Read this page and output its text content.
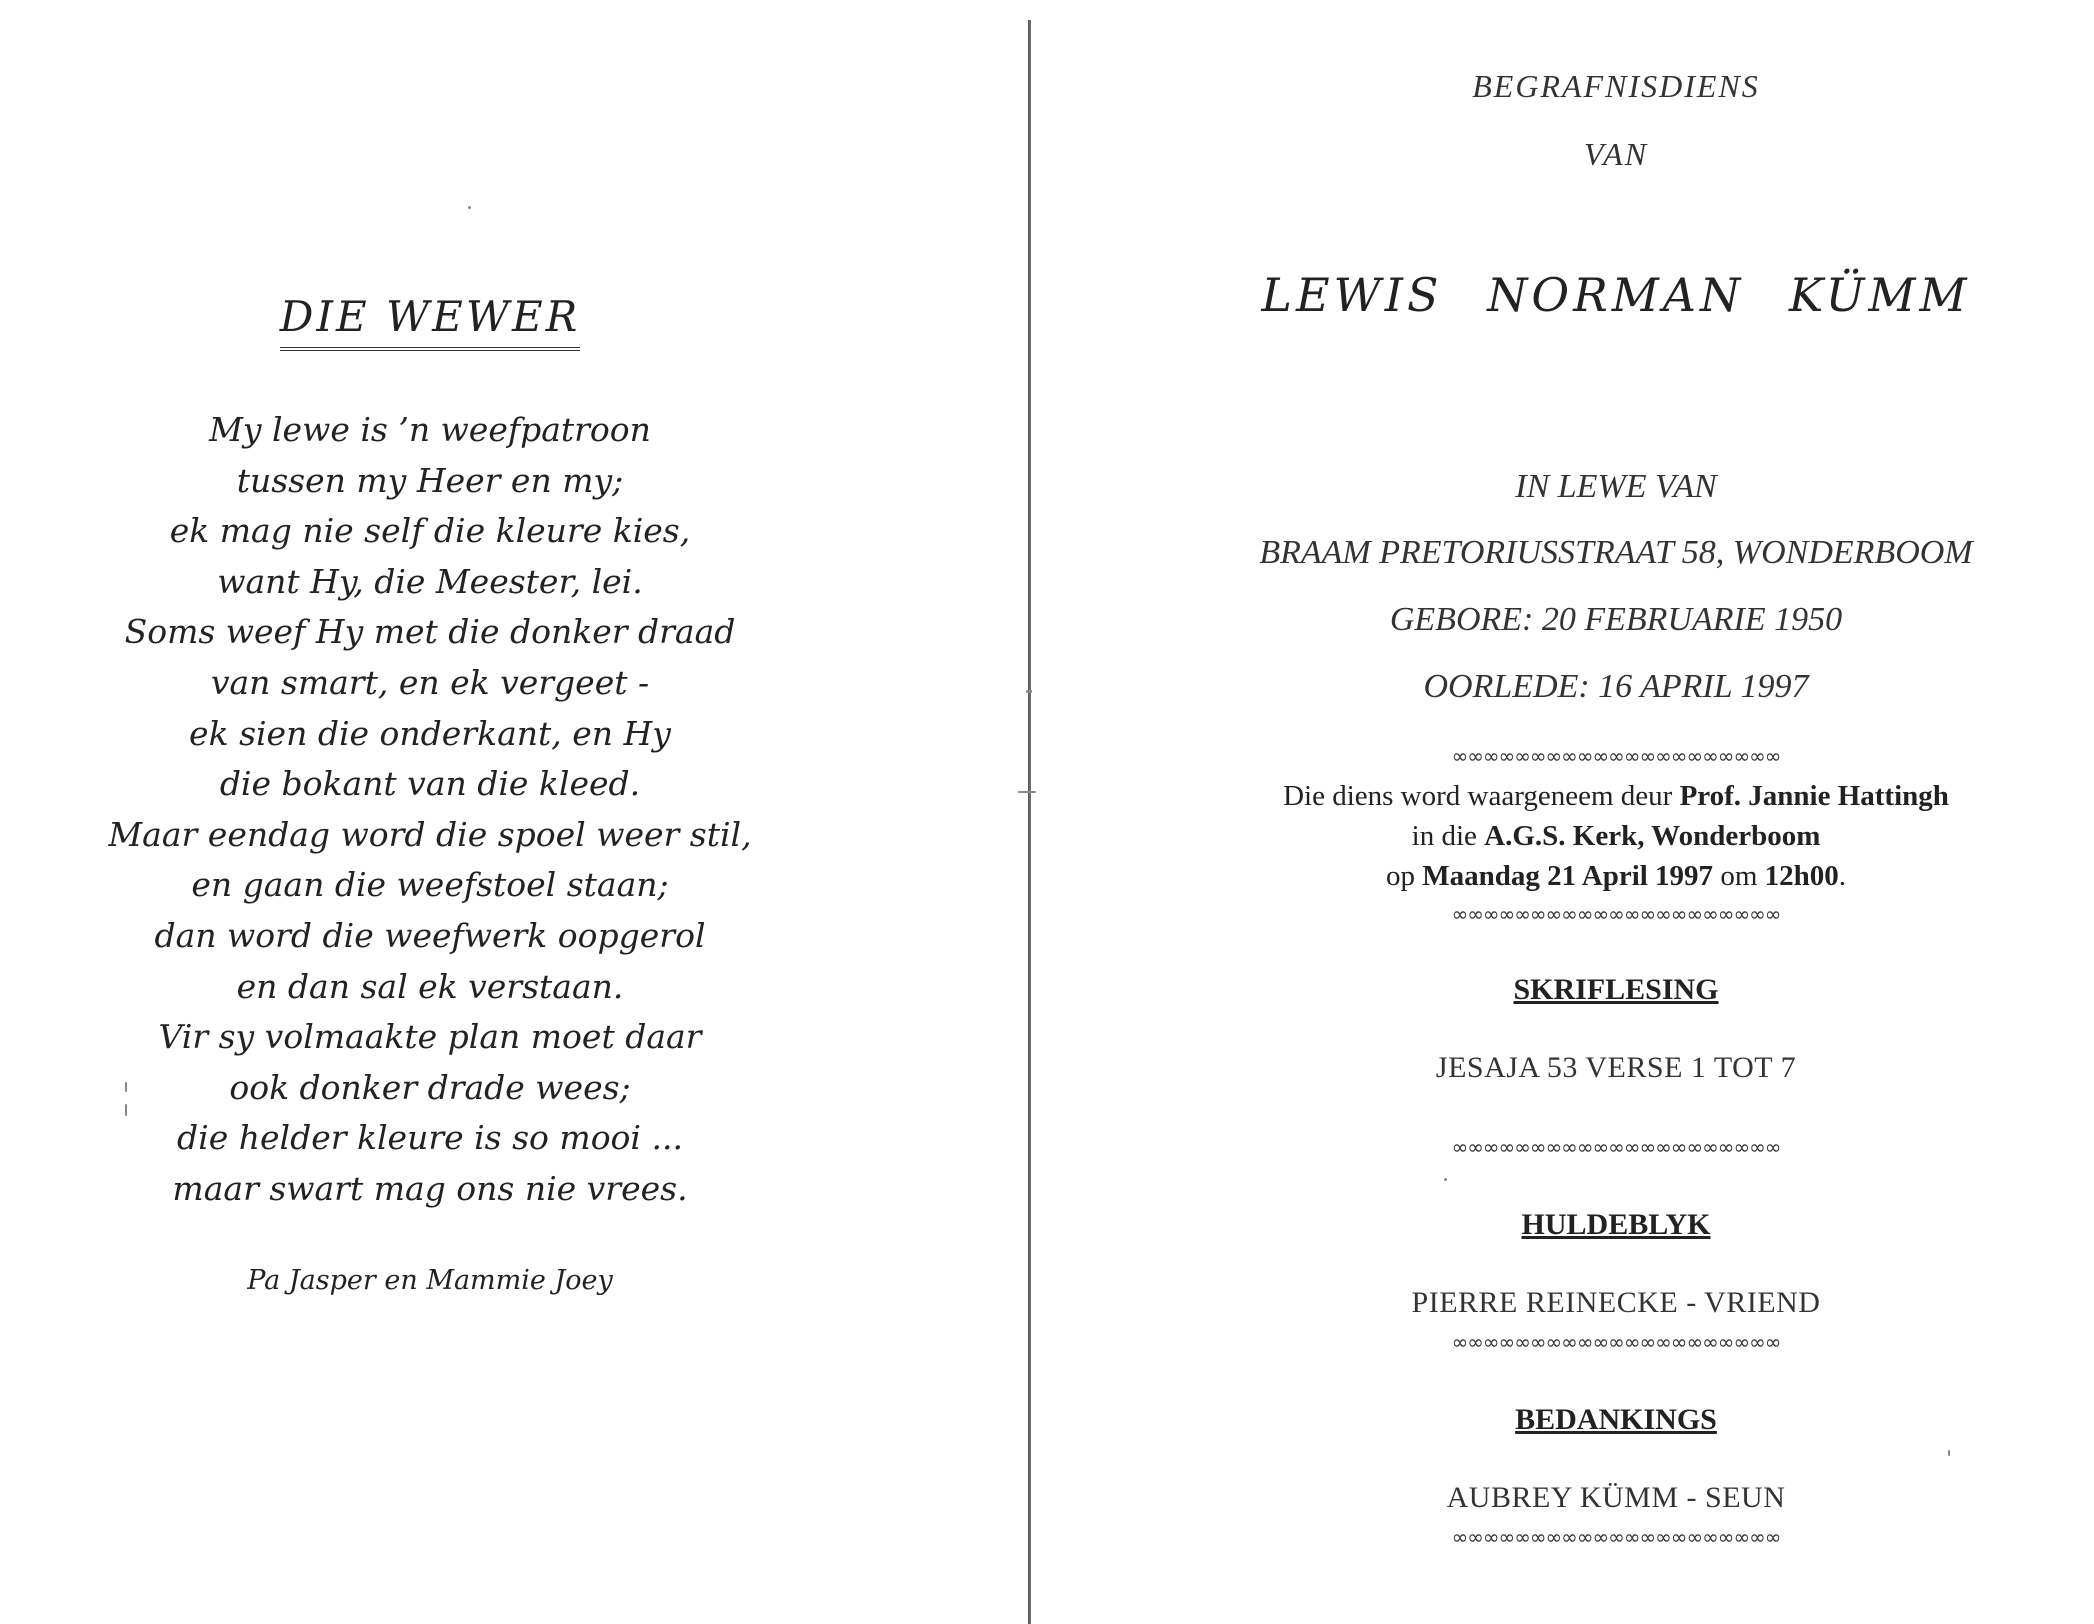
DIE WEWER
My lewe is ’n weefpatroon
tussen my Heer en my;
ek mag nie self die kleure kies,
want Hy, die Meester, lei.
Soms weef Hy met die donker draad
van smart, en ek vergeet -
ek sien die onderkant, en Hy
die bokant van die kleed.
Maar eendag word die spoel weer stil,
en gaan die weefstoel staan;
dan word die weefwerk oopgerol
en dan sal ek verstaan.
Vir sy volmaakte plan moet daar
ook donker drade wees;
die helder kleure is so mooi ...
maar swart mag ons nie vrees.
Pa Jasper en Mammie Joey
BEGRAFNISDIENS
VAN
LEWIS NORMAN KÜMM
IN LEWE VAN
BRAAM PRETORIUSSTRAAT 58, WONDERBOOM
GEBORE: 20 FEBRUARIE 1950
OORLEDE: 16 APRIL 1997
∞∞∞∞∞∞∞∞∞∞∞∞∞∞∞∞∞∞∞∞∞
Die diens word waargeneem deur Prof. Jannie Hattingh
in die A.G.S. Kerk, Wonderboom
op Maandag 21 April 1997 om 12h00.
∞∞∞∞∞∞∞∞∞∞∞∞∞∞∞∞∞∞∞∞∞
SKRIFLESING
JESAJA 53 VERSE 1 TOT 7
∞∞∞∞∞∞∞∞∞∞∞∞∞∞∞∞∞∞∞∞∞
HULDEBLYK
PIERRE REINECKE - VRIEND
∞∞∞∞∞∞∞∞∞∞∞∞∞∞∞∞∞∞∞∞∞
BEDANKINGS
AUBREY KÜMM - SEUN
∞∞∞∞∞∞∞∞∞∞∞∞∞∞∞∞∞∞∞∞∞
